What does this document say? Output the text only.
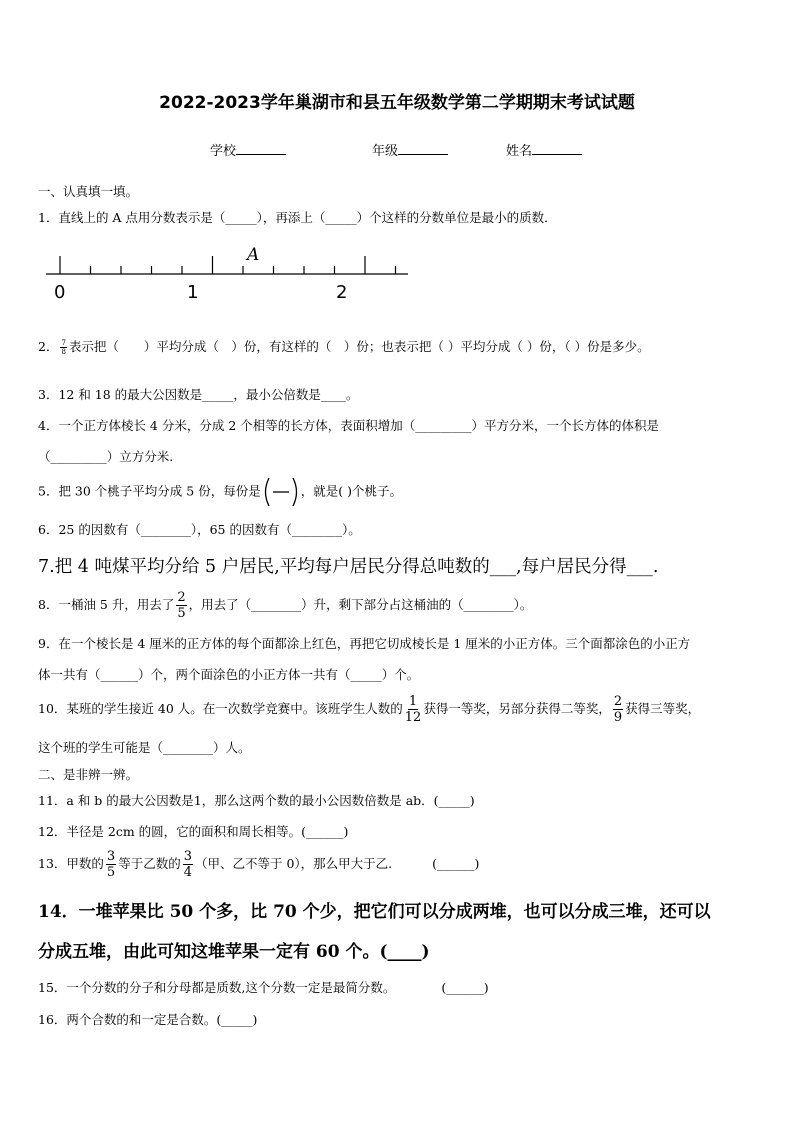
2022-2023学年巢湖市和县五年级数学第二学期期末考试试题
学校	年级	姓名
一、认真填一填。
1．直线上的 A 点用分数表示是（_____），再添上（_____）个这样的分数单位是最小的质数．
A
0	1	2
2． $\frac{7}{8}$ 表示把（　　）平均分成（　）份，有这样的（　）份；也表示把（ ）平均分成（ ）份，（ ）份是多少。
3．12 和 18 的最大公因数是_____，最小公倍数是____。
4．一个正方体棱长 4 分米，分成 2 个相等的长方体，表面积增加（_________）平方分米，一个长方体的体积是
（_________）立方分米.
5．把 30 个桃子平均分成 5 份，每份是	，就是( )个桃子。
6．25 的因数有（________），65 的因数有（________）。
7.把 4 吨煤平均分给 5 户居民,平均每户居民分得总吨数的___,每户居民分得___.
8．一桶油 5 升，用去了 $\frac{2}{5}$ ，用去了（________）升，剩下部分占这桶油的（________）。
9．在一个棱长是 4 厘米的正方体的每个面都涂上红色，再把它切成棱长是 1 厘米的小正方体。三个面都涂色的小正方
体一共有（______）个，两个面涂色的小正方体一共有（_____）个。
10．某班的学生接近 40 人。在一次数学竞赛中。该班学生人数的 $\frac{1}{12}$ 获得一等奖，另部分获得二等奖， $\frac{2}{9}$ 获得三等奖，
这个班的学生可能是（________）人。
二、是非辨一辨。
11．a 和 b 的最大公因数是1，那么这两个数的最小公因数倍数是 ab．(_____)
12．半径是 2cm 的圆，它的面积和周长相等。(______)
13．甲数的 $\frac{3}{5}$ 等于乙数的 $\frac{3}{4}$ （甲、乙不等于 0），那么甲大于乙.	(______)
14．一堆苹果比 50 个多，比 70 个少，把它们可以分成两堆，也可以分成三堆，还可以
分成五堆，由此可知这堆苹果一定有 60 个。(____)
15．一个分数的分子和分母都是质数,这个分数一定是最简分数。	(______)
16．两个合数的和一定是合数。(_____)
